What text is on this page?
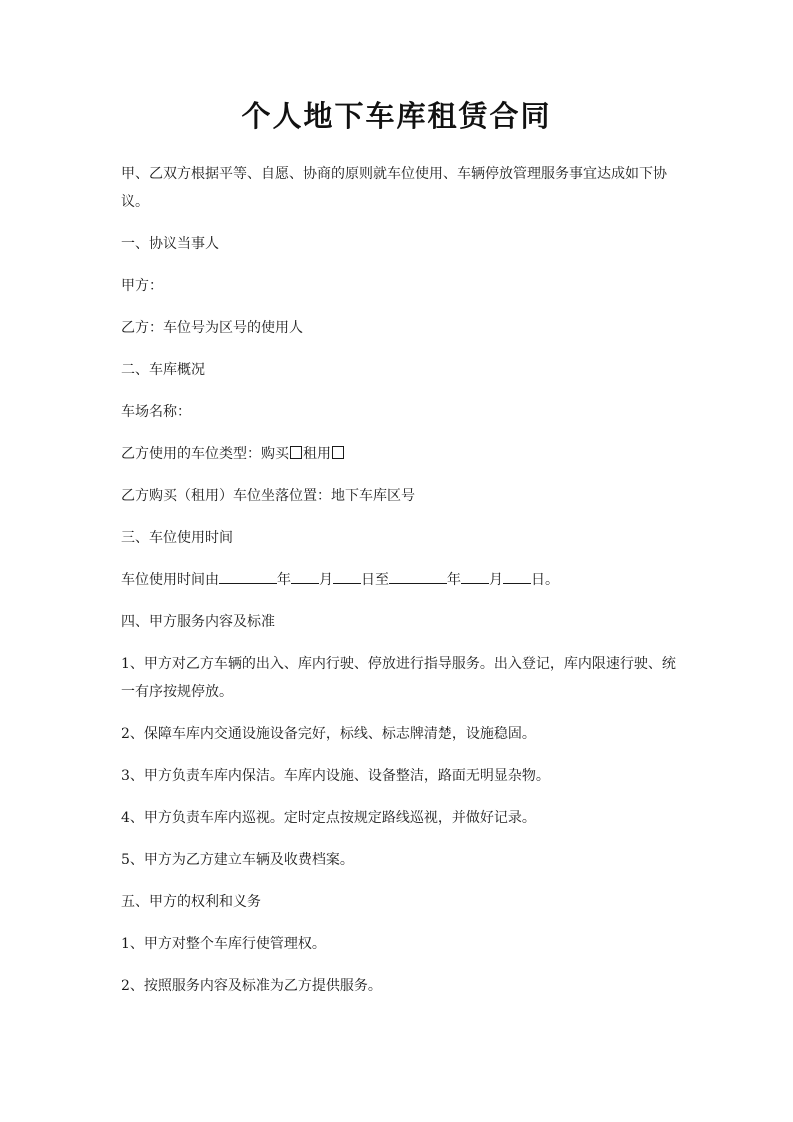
个人地下车库租赁合同

甲、乙双方根据平等、自愿、协商的原则就车位使用、车辆停放管理服务事宜达成如下协议。

一、协议当事人

甲方：

乙方：车位号为区号的使用人

二、车库概况

车场名称：

乙方使用的车位类型：购买 租用

乙方购买（租用）车位坐落位置：地下车库区号

三、车位使用时间

车位使用时间由	年 月 日至	年 月 日。

四、甲方服务内容及标准

1、甲方对乙方车辆的出入、库内行驶、停放进行指导服务。出入登记，库内限速行驶、统一有序按规停放。

2、保障车库内交通设施设备完好，标线、标志牌清楚，设施稳固。

3、甲方负责车库内保洁。车库内设施、设备整洁，路面无明显杂物。

4、甲方负责车库内巡视。定时定点按规定路线巡视，并做好记录。

5、甲方为乙方建立车辆及收费档案。

五、甲方的权利和义务

1、甲方对整个车库行使管理权。

2、按照服务内容及标准为乙方提供服务。
